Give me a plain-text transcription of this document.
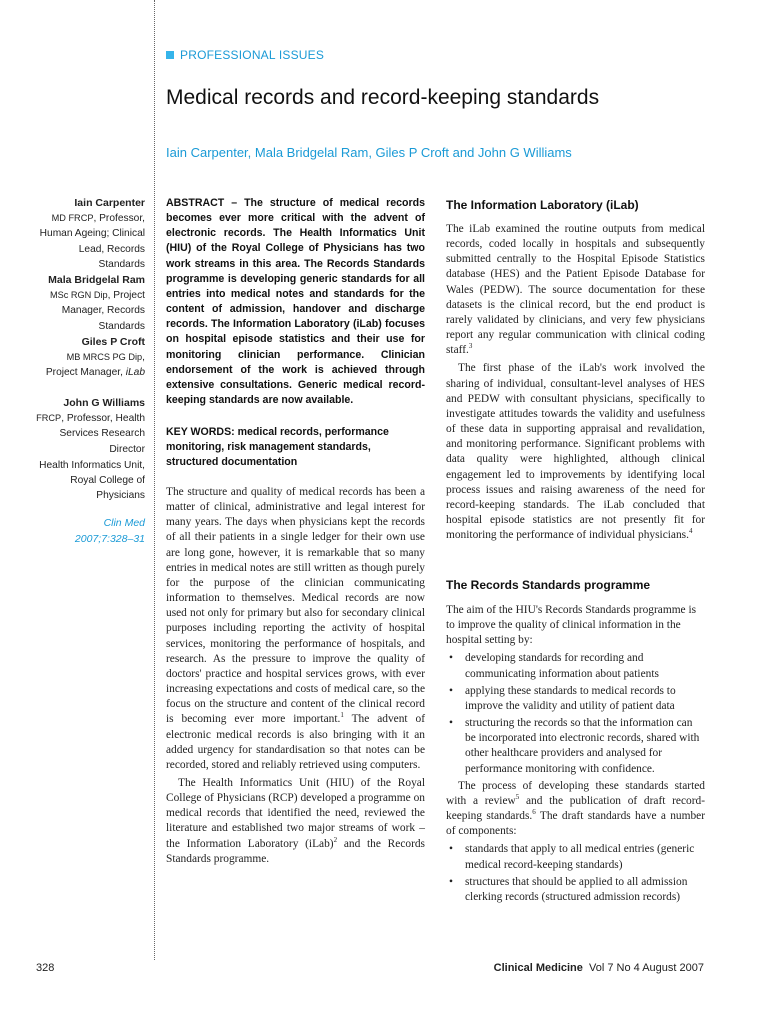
PROFESSIONAL ISSUES
Medical records and record-keeping standards
Iain Carpenter, Mala Bridgelal Ram, Giles P Croft and John G Williams
Iain Carpenter
MD FRCP, Professor, Human Ageing; Clinical Lead, Records Standards
Mala Bridgelal Ram MSc RGN Dip, Project Manager, Records Standards
Giles P Croft
MB MRCS PG Dip, Project Manager, iLab
John G Williams
FRCP, Professor, Health Services Research Director
Health Informatics Unit, Royal College of Physicians
Clin Med
2007;7:328–31
ABSTRACT – The structure of medical records becomes ever more critical with the advent of electronic records. The Health Informatics Unit (HIU) of the Royal College of Physicians has two work streams in this area. The Records Standards programme is developing generic standards for all entries into medical notes and standards for the content of admission, handover and discharge records. The Information Laboratory (iLab) focuses on hospital episode statistics and their use for monitoring clinician performance. Clinician endorsement of the work is achieved through extensive consultations. Generic medical record-keeping standards are now available.
KEY WORDS: medical records, performance monitoring, risk management standards, structured documentation

The structure and quality of medical records has been a matter of clinical, administrative and legal interest for many years. The days when physicians kept the records of all their patients in a single ledger for their own use are long gone, however, it is remarkable that so many entries in medical notes are still written as though purely for the purpose of the clinician communicating information to themselves. Medical records are now used not only for primary but also for secondary clinical purposes including reporting the activity of hospital services, monitoring the performance of hospitals, and research. As the pressure to improve the quality of doctors' practice and hospital services grows, with ever increasing expectations and costs of medical care, so the focus on the structure and content of the clinical record is becoming ever more important.$^1$ The advent of electronic medical records is also bringing with it an added urgency for standardisation so that notes can be recorded, stored and reliably retrieved using computers.

The Health Informatics Unit (HIU) of the Royal College of Physicians (RCP) developed a programme on medical records that identified the need, reviewed the literature and established two major streams of work – the Information Laboratory (iLab)$^2$ and the Records Standards programme.

The Information Laboratory (iLab)

The iLab examined the routine outputs from medical records, coded locally in hospitals and subsequently submitted centrally to the Hospital Episode Statistics database (HES) and the Patient Episode Database for Wales (PEDW). The source documentation for these datasets is the clinical record, but the end product is rarely validated by clinicians, and very few physicians report any regular communication with clinical coding staff.$^3$

The first phase of the iLab's work involved the sharing of individual, consultant-level analyses of HES and PEDW with consultant physicians, specifically to investigate attitudes towards the validity and usefulness of these data in supporting appraisal and revalidation, and monitoring performance. Significant problems with data quality were highlighted, although clinical engagement led to improvements by identifying local process issues and raising awareness of the need for record-keeping standards. The iLab concluded that hospital episode statistics are not presently fit for monitoring the performance of individual physicians.$^4$

The Records Standards programme

The aim of the HIU's Records Standards programme is to improve the quality of clinical information in the hospital setting by:

• developing standards for recording and communicating information about patients
• applying these standards to medical records to improve the validity and utility of patient data
• structuring the records so that the information can be incorporated into electronic records, shared with other healthcare providers and analysed for performance monitoring with confidence.

The process of developing these standards started with a review$^5$ and the publication of draft record-keeping standards.$^6$ The draft standards have a number of components:

• standards that apply to all medical entries (generic medical record-keeping standards)
• structures that should be applied to all admission clerking records (structured admission records)
328	Clinical Medicine Vol 7 No 4 August 2007
